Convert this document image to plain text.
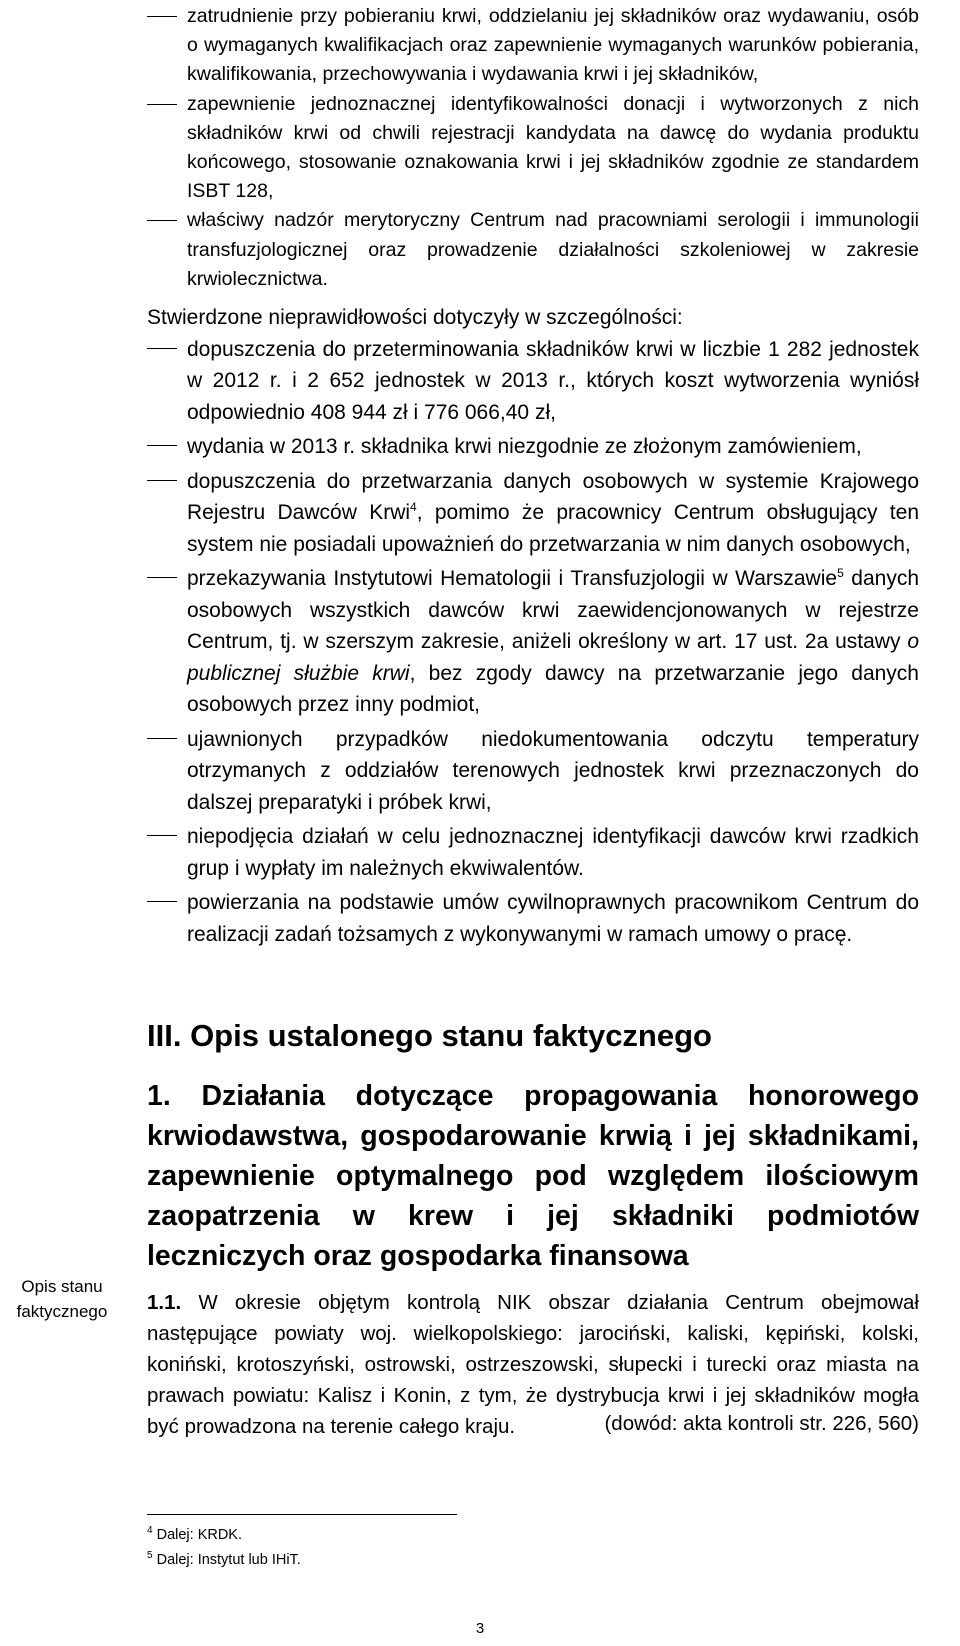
zatrudnienie przy pobieraniu krwi, oddzielaniu jej składników oraz wydawaniu, osób o wymaganych kwalifikacjach oraz zapewnienie wymaganych warunków pobierania, kwalifikowania, przechowywania i wydawania krwi i jej składników,
zapewnienie jednoznacznej identyfikowalności donacji i wytworzonych z nich składników krwi od chwili rejestracji kandydata na dawcę do wydania produktu końcowego, stosowanie oznakowania krwi i jej składników zgodnie ze standardem ISBT 128,
właściwy nadzór merytoryczny Centrum nad pracowniami serologii i immunologii transfuzjologicznej oraz prowadzenie działalności szkoleniowej w zakresie krwiolecznictwa.
Stwierdzone nieprawidłowości dotyczyły w szczególności:
dopuszczenia do przeterminowania składników krwi w liczbie 1 282 jednostek w 2012 r. i 2 652 jednostek w 2013 r., których koszt wytworzenia wyniósł odpowiednio 408 944 zł i 776 066,40 zł,
wydania w 2013 r. składnika krwi niezgodnie ze złożonym zamówieniem,
dopuszczenia do przetwarzania danych osobowych w systemie Krajowego Rejestru Dawców Krwi$^4$, pomimo że pracownicy Centrum obsługujący ten system nie posiadali upoważnień do przetwarzania w nim danych osobowych,
przekazywania Instytutowi Hematologii i Transfuzjologii w Warszawie$^5$ danych osobowych wszystkich dawców krwi zaewidencjonowanych w rejestrze Centrum, tj. w szerszym zakresie, aniżeli określony w art. 17 ust. 2a ustawy o publicznej służbie krwi, bez zgody dawcy na przetwarzanie jego danych osobowych przez inny podmiot,
ujawnionych przypadków niedokumentowania odczytu temperatury otrzymanych z oddziałów terenowych jednostek krwi przeznaczonych do dalszej preparatyki i próbek krwi,
niepodjęcia działań w celu jednoznacznej identyfikacji dawców krwi rzadkich grup i wypłaty im należnych ekwiwalentów.
powierzania na podstawie umów cywilnoprawnych pracownikom Centrum do realizacji zadań tożsamych z wykonywanymi w ramach umowy o pracę.
III. Opis ustalonego stanu faktycznego
1. Działania dotyczące propagowania honorowego krwiodawstwa, gospodarowanie krwią i jej składnikami, zapewnienie optymalnego pod względem ilościowym zaopatrzenia w krew i jej składniki podmiotów leczniczych oraz gospodarka finansowa
Opis stanu faktycznego	1.1. W okresie objętym kontrolą NIK obszar działania Centrum obejmował następujące powiaty woj. wielkopolskiego: jarociński, kaliski, kępiński, kolski, koniński, krotoszyński, ostrowski, ostrzeszowski, słupecki i turecki oraz miasta na prawach powiatu: Kalisz i Konin, z tym, że dystrybucja krwi i jej składników mogła być prowadzona na terenie całego kraju.	(dowód: akta kontroli str. 226, 560)
$^4$ Dalej: KRDK.
$^5$ Dalej: Instytut lub IHiT.
3
